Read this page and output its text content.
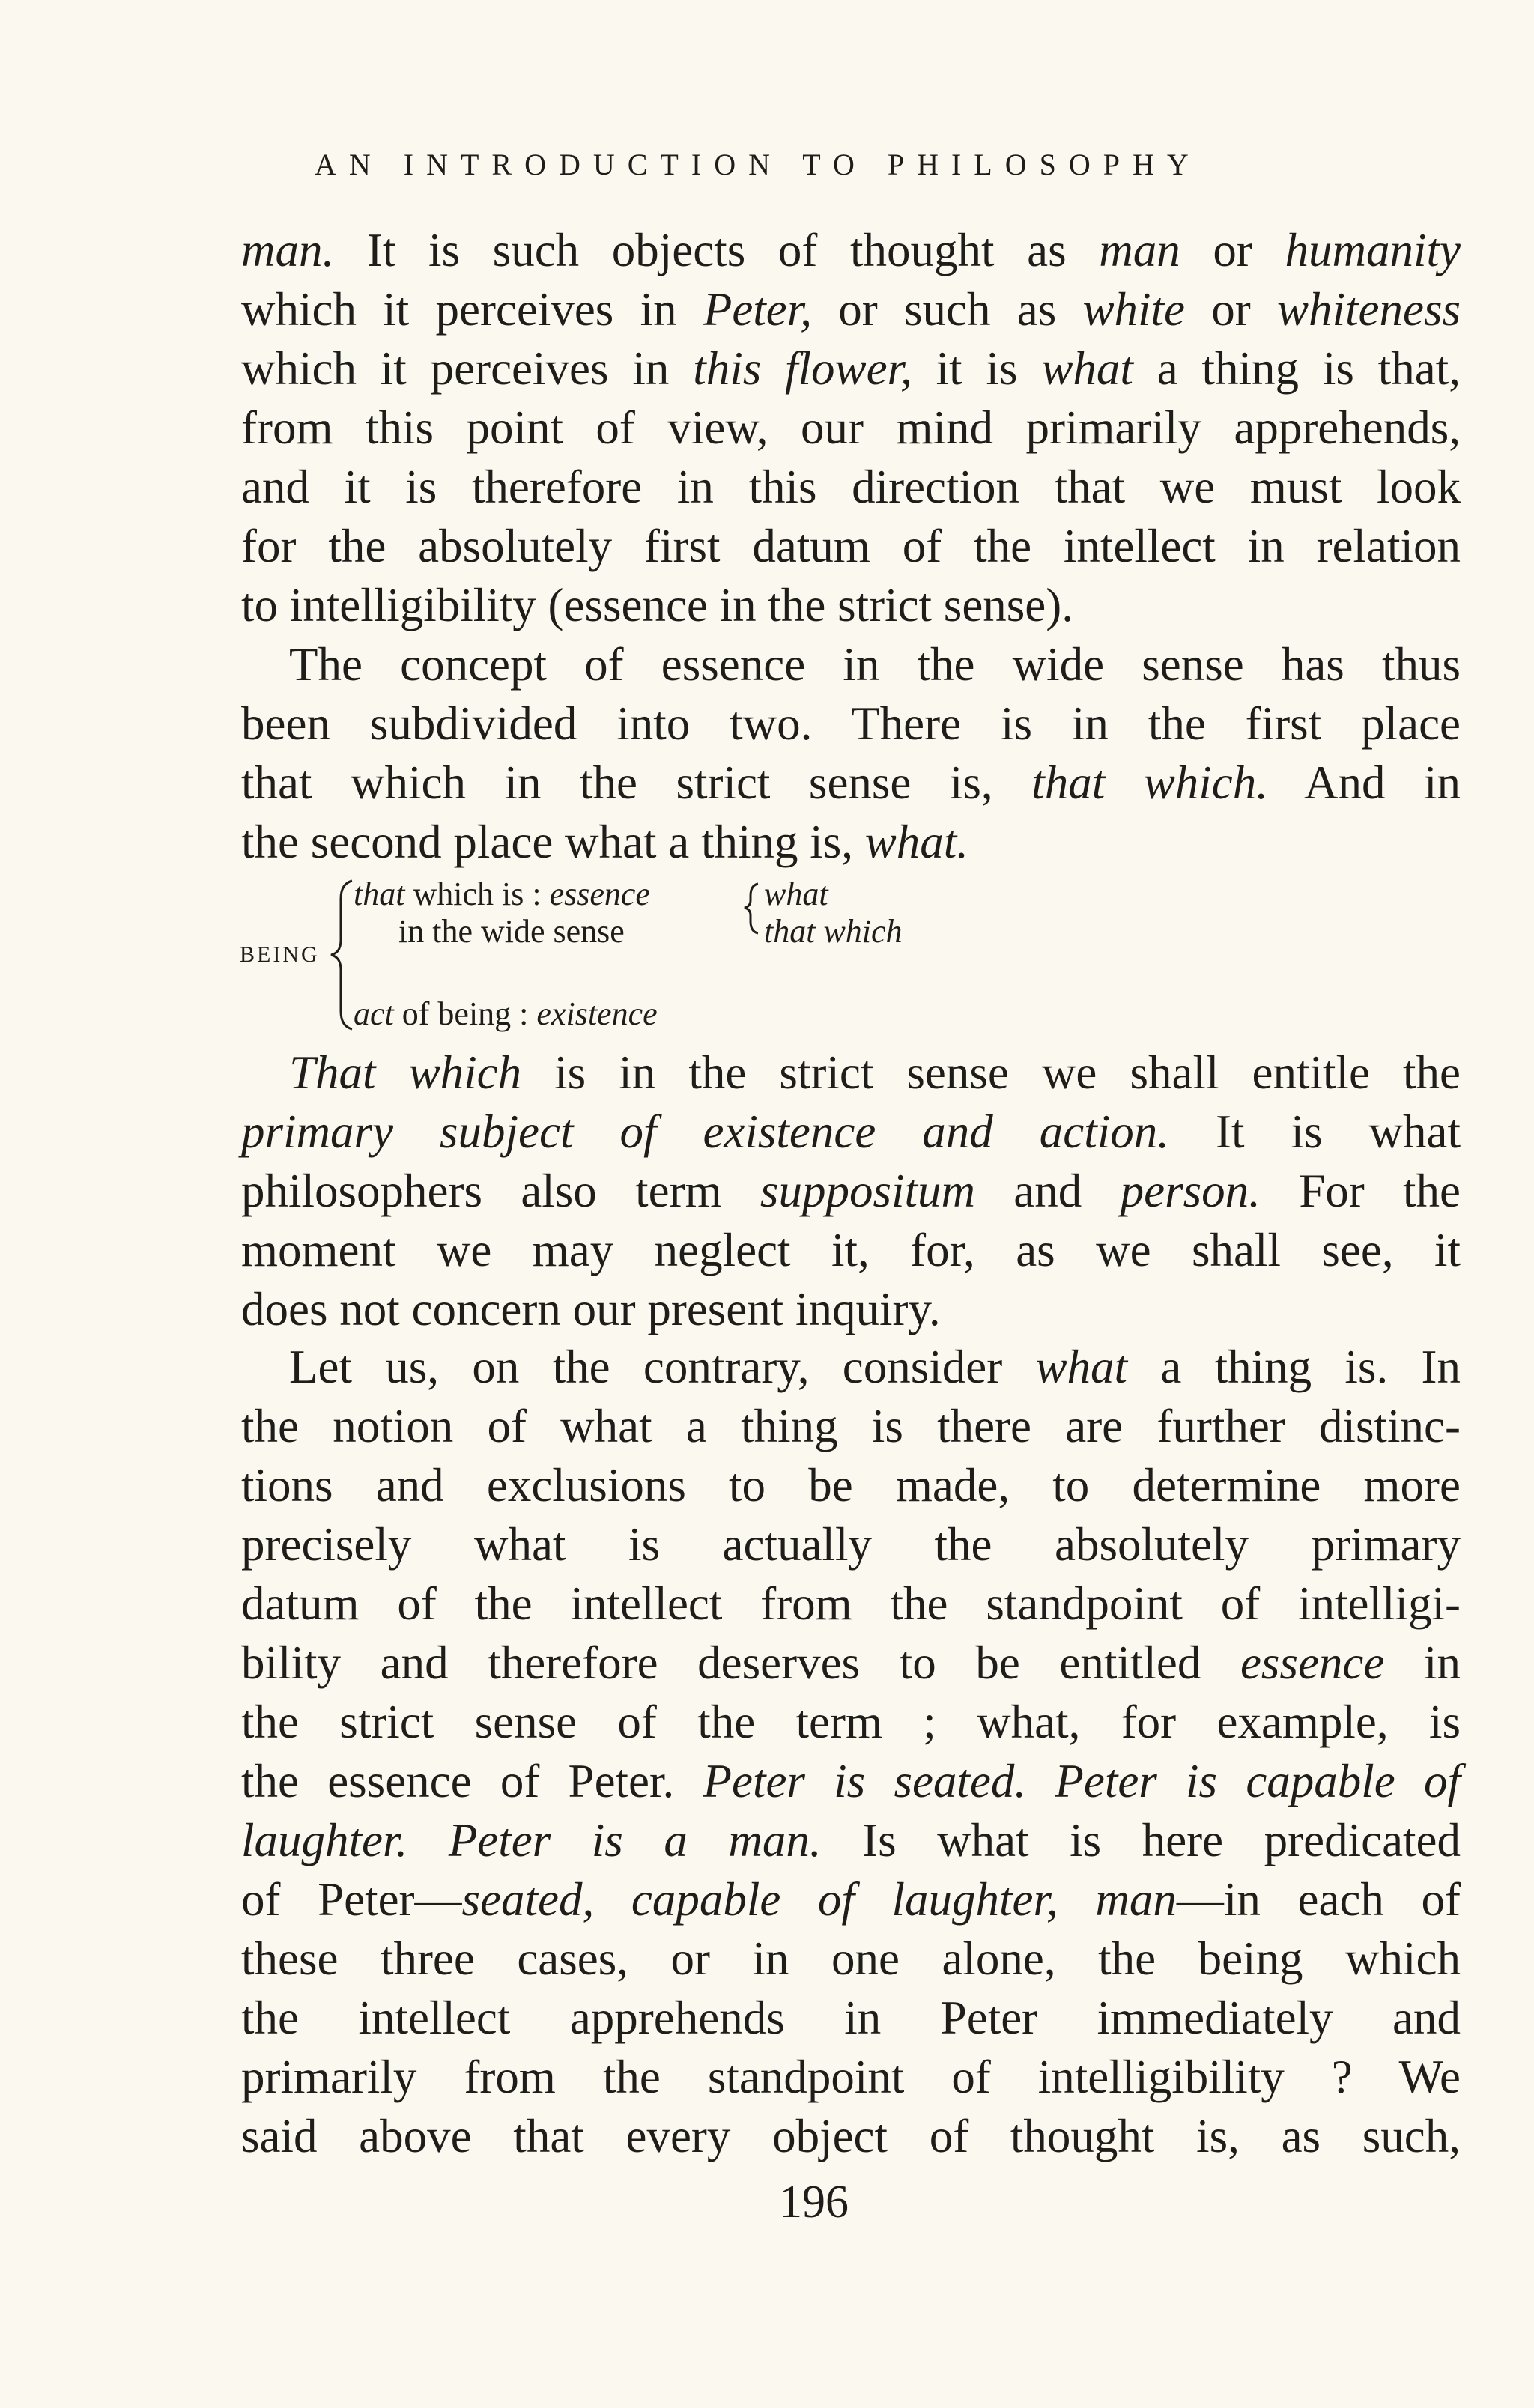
AN INTRODUCTION TO PHILOSOPHY
man. It is such objects of thought as man or humanity
which it perceives in Peter, or such as white or whiteness
which it perceives in this flower, it is what a thing is that,
from this point of view, our mind primarily apprehends,
and it is therefore in this direction that we must look
for the absolutely first datum of the intellect in relation
to intelligibility (essence in the strict sense).
The concept of essence in the wide sense has thus
been subdivided into two. There is in the first place
that which in the strict sense is, that which. And in
the second place what a thing is, what.
BEING
that which is : essence
in the wide sense
what
that which
act of being : existence
That which is in the strict sense we shall entitle the
primary subject of existence and action. It is what
philosophers also term suppositum and person. For the
moment we may neglect it, for, as we shall see, it
does not concern our present inquiry.
Let us, on the contrary, consider what a thing is. In
the notion of what a thing is there are further distinc-
tions and exclusions to be made, to determine more
precisely what is actually the absolutely primary
datum of the intellect from the standpoint of intelligi-
bility and therefore deserves to be entitled essence in
the strict sense of the term ; what, for example, is
the essence of Peter. Peter is seated. Peter is capable of
laughter. Peter is a man. Is what is here predicated
of Peter—seated, capable of laughter, man—in each of
these three cases, or in one alone, the being which
the intellect apprehends in Peter immediately and
primarily from the standpoint of intelligibility ? We
said above that every object of thought is, as such,
196
